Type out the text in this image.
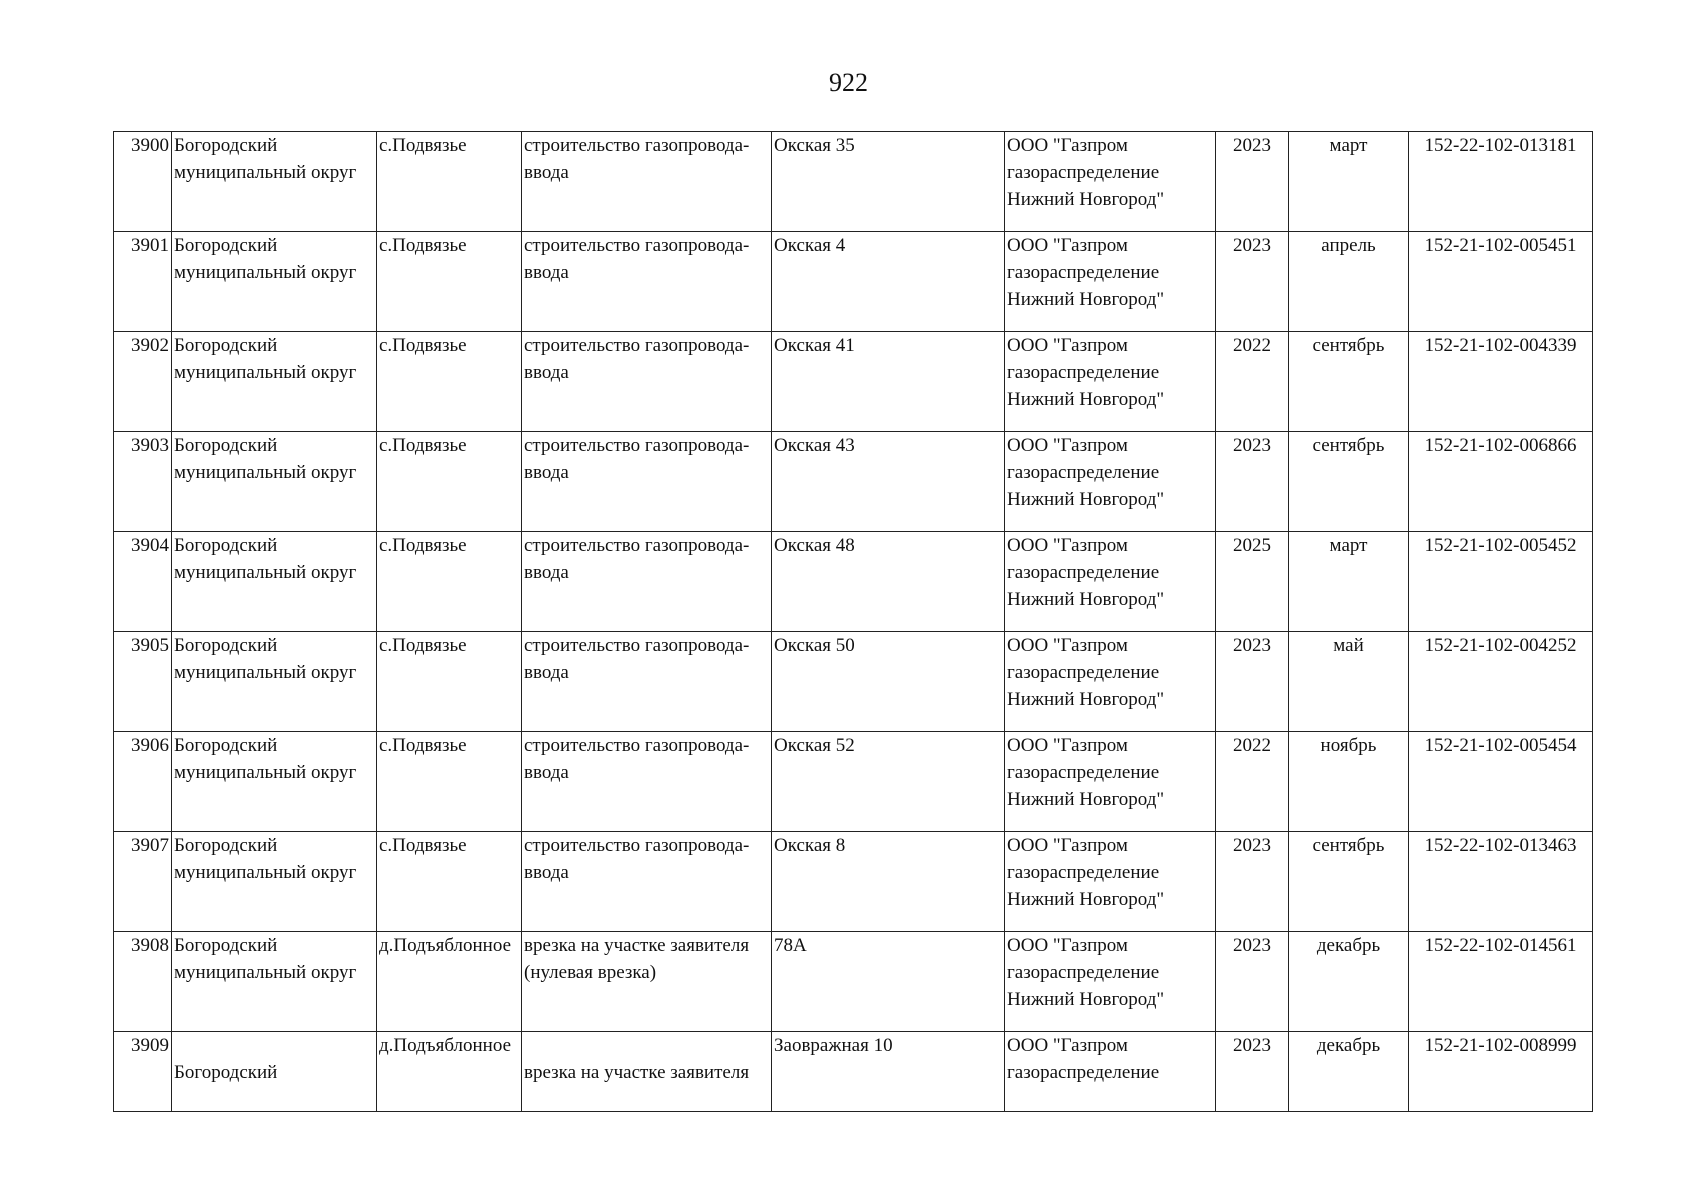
922
3900	Богородский
муниципальный округ	с.Подвязье	строительство газопровода-
ввода	Окская 35	ООО "Газпром
газораспределение
Нижний Новгород"	2023	март	152-22-102-013181
3901	Богородский
муниципальный округ	с.Подвязье	строительство газопровода-
ввода	Окская 4	ООО "Газпром
газораспределение
Нижний Новгород"	2023	апрель	152-21-102-005451
3902	Богородский
муниципальный округ	с.Подвязье	строительство газопровода-
ввода	Окская 41	ООО "Газпром
газораспределение
Нижний Новгород"	2022	сентябрь	152-21-102-004339
3903	Богородский
муниципальный округ	с.Подвязье	строительство газопровода-
ввода	Окская 43	ООО "Газпром
газораспределение
Нижний Новгород"	2023	сентябрь	152-21-102-006866
3904	Богородский
муниципальный округ	с.Подвязье	строительство газопровода-
ввода	Окская 48	ООО "Газпром
газораспределение
Нижний Новгород"	2025	март	152-21-102-005452
3905	Богородский
муниципальный округ	с.Подвязье	строительство газопровода-
ввода	Окская 50	ООО "Газпром
газораспределение
Нижний Новгород"	2023	май	152-21-102-004252
3906	Богородский
муниципальный округ	с.Подвязье	строительство газопровода-
ввода	Окская 52	ООО "Газпром
газораспределение
Нижний Новгород"	2022	ноябрь	152-21-102-005454
3907	Богородский
муниципальный округ	с.Подвязье	строительство газопровода-
ввода	Окская 8	ООО "Газпром
газораспределение
Нижний Новгород"	2023	сентябрь	152-22-102-013463
3908	Богородский
муниципальный округ	д.Подъяблонное	врезка на участке заявителя
(нулевая врезка)	78А	ООО "Газпром
газораспределение
Нижний Новгород"	2023	декабрь	152-22-102-014561
3909	Богородский	д.Подъяблонное	врезка на участке заявителя	Заовражная 10	ООО "Газпром
газораспределение	2023	декабрь	152-21-102-008999
